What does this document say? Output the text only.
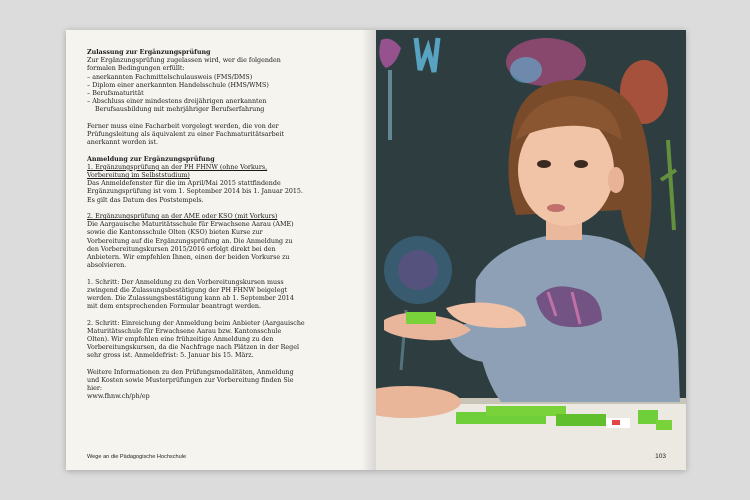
Zulassung zur Ergänzungsprüfung
Zur Ergänzungsprüfung zugelassen wird, wer die folgenden formalen Bedingungen erfüllt:
– anerkannten Fachmittelschulausweis (FMS/DMS)
– Diplom einer anerkannten Handelsschule (HMS/WMS)
– Berufsmaturität
– Abschluss einer mindestens dreijährigen anerkannten Berufsausbildung mit mehrjähriger Berufserfahrung

Ferner muss eine Facharbeit vorgelegt werden, die von der Prüfungsleitung als äquivalent zu einer Fachmaturitätsarbeit anerkannt worden ist.

Anmeldung zur Ergänzungsprüfung
1. Ergänzungsprüfung an der PH FHNW (ohne Vorkurs,
Vorbereitung im Selbststudium)

Das Anmeldefenster für die im April/Mai 2015 stattfindende Ergänzungsprüfung ist vom 1. September 2014 bis 1. Januar 2015. Es gilt das Datum des Poststempels.

2. Ergänzungsprüfung an der AME oder KSO (mit Vorkurs)

Die Aargauische Maturitätsschule für Erwachsene Aarau (AME) sowie die Kantonsschule Olten (KSO) bieten Kurse zur Vorbereitung auf die Ergänzungsprüfung an. Die Anmeldung zu den Vorbereitungskursen 2015/2016 erfolgt direkt bei den Anbietern. Wir empfehlen Ihnen, einen der beiden Vorkurse zu absolvieren.

1. Schritt: Der Anmeldung zu den Vorbereitungskursen muss zwingend die Zulassungsbestätigung der PH FHNW beigelegt werden. Die Zulassungsbestätigung kann ab 1. September 2014 mit dem entsprechenden Formular beantragt werden.

2. Schritt: Einreichung der Anmeldung beim Anbieter (Aargauische Maturitätsschule für Erwachsene Aarau bzw. Kantonsschule Olten). Wir empfehlen eine frühzeitige Anmeldung zu den Vorbereitungskursen, da die Nachfrage nach Plätzen in der Regel sehr gross ist. Anmeldefrist: 5. Januar bis 15. März.

Weitere Informationen zu den Prüfungsmodalitäten, Anmeldung und Kosten sowie Musterprüfungen zur Vorbereitung finden Sie hier:
www.fhnw.ch/ph/ep
Wege an die Pädagogische Hochschule	103
